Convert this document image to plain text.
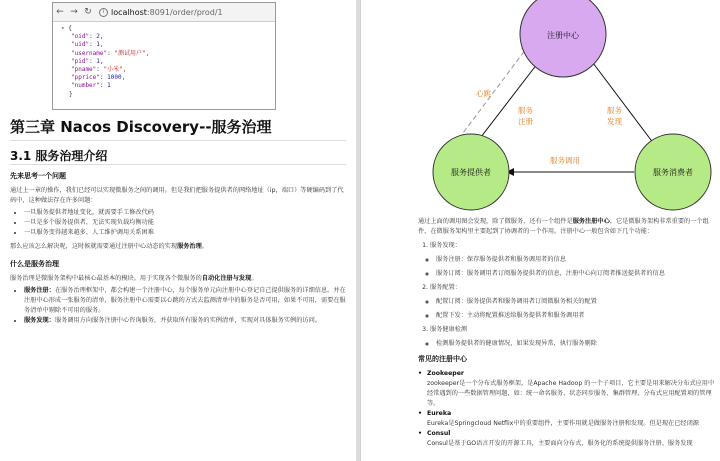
← → ↻	i localhost :8091/order/prod/1
▾ {
"oid": 2,
"uid": 1,
"username": "测试用户",
"pid": 1,
"pname": "小米",
"pprice": 1000,
"number": 1
}
第三章 Nacos Discovery--服务治理
3.1 服务治理介绍
先来思考一个问题
通过上一章的操作，我们已经可以实现微服务之间的调用。但是我们把服务提供者的网络地址（ip，端口）等硬编码到了代码中，这种做法存在许多问题：
• 一旦服务提供者地址变化，就需要手工修改代码
• 一旦是多个服务提供者，无法实现负载均衡功能
• 一旦服务变得越来越多，人工维护调用关系困难
那么应该怎么解决呢，这时候就需要通过注册中心动态的实现服务治理。
什么是服务治理
服务治理是微服务架构中最核心最基本的模块。用于实现各个微服务的自动化注册与发现。
• 服务注册：在服务治理框架中，都会构建一个注册中心，每个服务单元向注册中心登记自己提供服务的详细信息。并在注册中心形成一张服务的清单，服务注册中心需要以心跳的方式去监测清单中的服务是否可用，如果不可用，需要在服务清单中剔除不可用的服务。
• 服务发现：服务调用方向服务注册中心咨询服务，并获取所有服务的实例清单，实现对具体服务实例的访问。
注册中心
服务提供者	服务消费者
心跳
服务
注册
服务
发现
服务调用
通过上面的调用图会发现，除了微服务，还有一个组件是服务注册中心，它是微服务架构非常重要的一个组件，在微服务架构里主要起到了协调者的一个作用。注册中心一般包含如下几个功能：
1. 服务发现：
◦ 服务注册：保存服务提供者和服务调用者的信息
◦ 服务订阅：服务调用者订阅服务提供者的信息，注册中心向订阅者推送提供者的信息
2. 服务配置：
◦ 配置订阅：服务提供者和服务调用者订阅微服务相关的配置
◦ 配置下发：主动将配置推送给服务提供者和服务调用者
3. 服务健康检测
◦ 检测服务提供者的健康情况，如果发现异常，执行服务剔除
常见的注册中心
• Zookeeper
zookeeper是一个分布式服务框架，是Apache Hadoop 的一个子项目，它主要是用来解决分布式应用中经常遇到的一些数据管理问题，如：统一命名服务、状态同步服务、集群管理、分布式应用配置项的管理等。
• Eureka
Eureka是Springcloud Netflix中的重要组件，主要作用就是做服务注册和发现。但是现在已经闭源
• Consul
Consul是基于GO语言开发的开源工具，主要面向分布式，服务化的系统提供服务注册、服务发现
